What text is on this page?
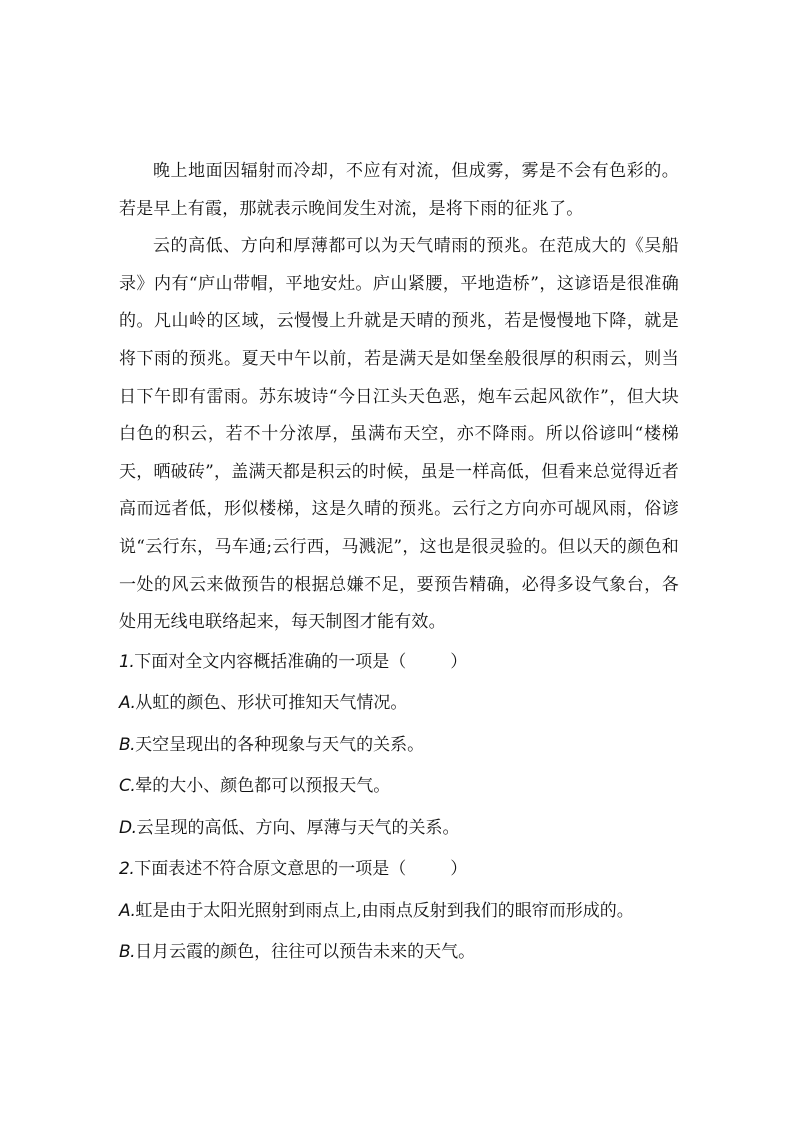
晚上地面因辐射而冷却，不应有对流，但成雾，雾是不会有色彩的。若是早上有霞，那就表示晚间发生对流，是将下雨的征兆了。

云的高低、方向和厚薄都可以为天气晴雨的预兆。在范成大的《吴船录》内有“庐山带帽，平地安灶。庐山紧腰，平地造桥”，这谚语是很准确的。凡山岭的区域，云慢慢上升就是天晴的预兆，若是慢慢地下降，就是将下雨的预兆。夏天中午以前，若是满天是如堡垒般很厚的积雨云，则当日下午即有雷雨。苏东坡诗“今日江头天色恶，炮车云起风欲作”，但大块白色的积云，若不十分浓厚，虽满布天空，亦不降雨。所以俗谚叫“楼梯天，晒破砖”，盖满天都是积云的时候，虽是一样高低，但看来总觉得近者高而远者低，形似楼梯，这是久晴的预兆。云行之方向亦可觇风雨，俗谚说“云行东，马车通;云行西，马溅泥”，这也是很灵验的。但以天的颜色和一处的风云来做预告的根据总嫌不足，要预告精确，必得多设气象台，各处用无线电联络起来，每天制图才能有效。

1.下面对全文内容概括准确的一项是（	）

A.从虹的颜色、形状可推知天气情况。

B.天空呈现出的各种现象与天气的关系。

C.晕的大小、颜色都可以预报天气。

D.云呈现的高低、方向、厚薄与天气的关系。

2.下面表述不符合原文意思的一项是（	）

A.虹是由于太阳光照射到雨点上,由雨点反射到我们的眼帘而形成的。

B.日月云霞的颜色，往往可以预告未来的天气。
